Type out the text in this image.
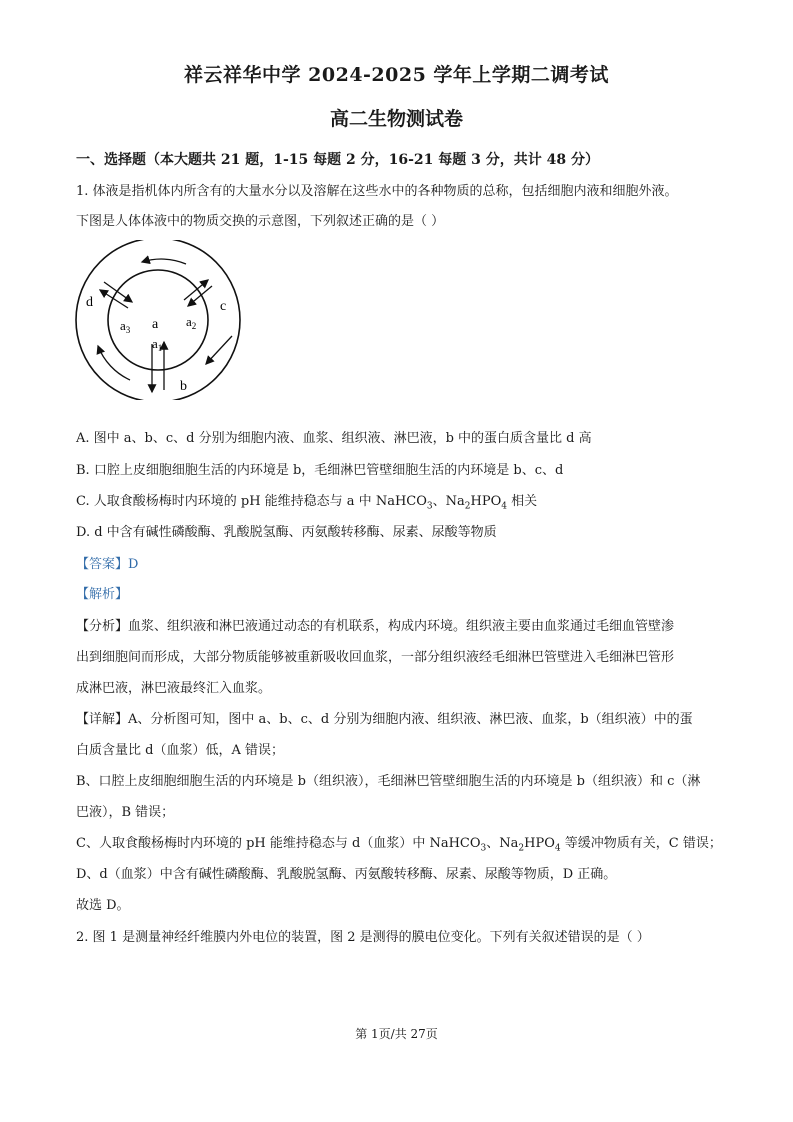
祥云祥华中学 2024-2025 学年上学期二调考试
高二生物测试卷
一、选择题（本大题共 21 题，1-15 每题 2 分，16-21 每题 3 分，共计 48 分）
1. 体液是指机体内所含有的大量水分以及溶解在这些水中的各种物质的总称，包括细胞内液和细胞外液。
下图是人体体液中的物质交换的示意图，下列叙述正确的是（ ）
a
$a_3$
$a_2$
$a_1$
d	c
b
A. 图中 a、b、c、d 分别为细胞内液、血浆、组织液、淋巴液，b 中的蛋白质含量比 d 高
B. 口腔上皮细胞细胞生活的内环境是 b，毛细淋巴管壁细胞生活的内环境是 b、c、d
C. 人取食酸杨梅时内环境的 pH 能维持稳态与 a 中 NaHCO$_3$、$Na_2HPO_4$ 相关
D. d 中含有碱性磷酸酶、乳酸脱氢酶、丙氨酸转移酶、尿素、尿酸等物质
【答案】D
【解析】
【分析】血浆、组织液和淋巴液通过动态的有机联系，构成内环境。组织液主要由血浆通过毛细血管壁渗
出到细胞间而形成，大部分物质能够被重新吸收回血浆，一部分组织液经毛细淋巴管壁进入毛细淋巴管形
成淋巴液，淋巴液最终汇入血浆。
【详解】A、分析图可知，图中 a、b、c、d 分别为细胞内液、组织液、淋巴液、血浆，b（组织液）中的蛋
白质含量比 d（血浆）低，A 错误；
B、口腔上皮细胞细胞生活的内环境是 b（组织液），毛细淋巴管壁细胞生活的内环境是 b（组织液）和 c（淋
巴液），B 错误；
C、人取食酸杨梅时内环境的 pH 能维持稳态与 d（血浆）中 NaHCO$_3$、$Na_2HPO_4$ 等缓冲物质有关，C 错误；
D、d（血浆）中含有碱性磷酸酶、乳酸脱氢酶、丙氨酸转移酶、尿素、尿酸等物质，D 正确。
故选 D。
2. 图 1 是测量神经纤维膜内外电位的装置，图 2 是测得的膜电位变化。下列有关叙述错误的是（ ）
第 1页/共 27页
